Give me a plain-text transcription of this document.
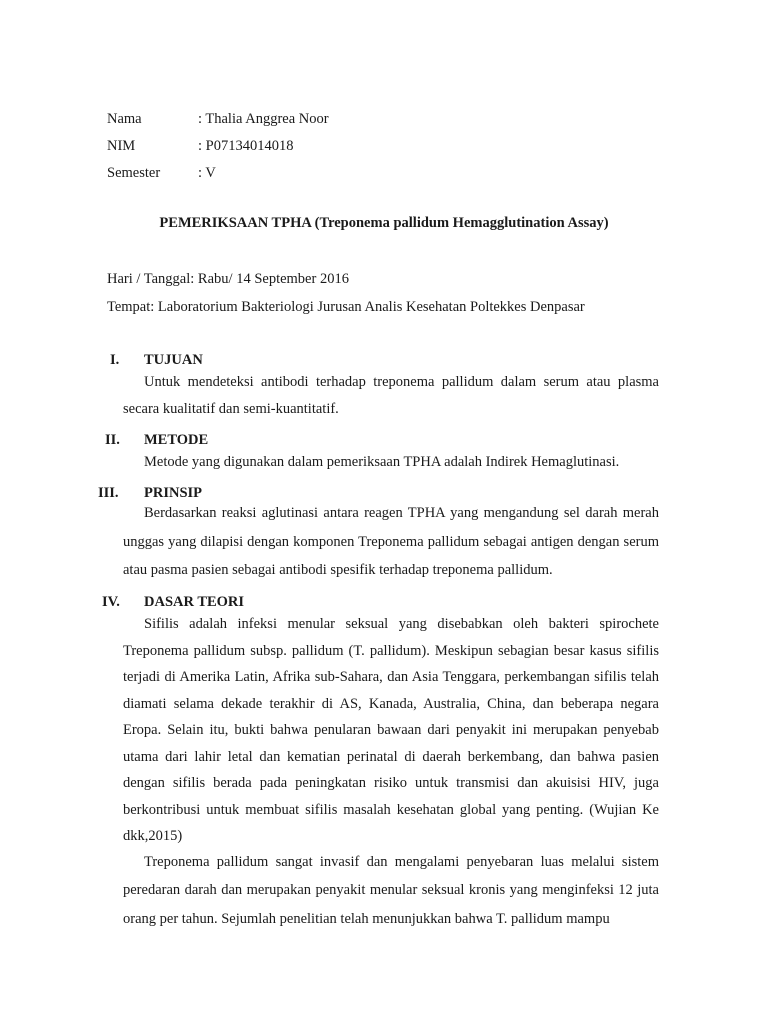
Nama	: Thalia Anggrea Noor
NIM	: P07134014018
Semester	: V
PEMERIKSAAN TPHA (Treponema pallidum Hemagglutination Assay)
Hari / Tanggal: Rabu/ 14 September 2016
Tempat: Laboratorium Bakteriologi Jurusan Analis Kesehatan Poltekkes Denpasar
I. TUJUAN

Untuk mendeteksi antibodi terhadap treponema pallidum dalam serum atau plasma secara kualitatif dan semi-kuantitatif.

II. METODE

Metode yang digunakan dalam pemeriksaan TPHA adalah Indirek Hemaglutinasi.

III. PRINSIP

Berdasarkan reaksi aglutinasi antara reagen TPHA yang mengandung sel darah merah unggas yang dilapisi dengan komponen Treponema pallidum sebagai antigen dengan serum atau pasma pasien sebagai antibodi spesifik terhadap treponema pallidum.

IV. DASAR TEORI

Sifilis adalah infeksi menular seksual yang disebabkan oleh bakteri spirochete Treponema pallidum subsp. pallidum (T. pallidum). Meskipun sebagian besar kasus sifilis terjadi di Amerika Latin, Afrika sub-Sahara, dan Asia Tenggara, perkembangan sifilis telah diamati selama dekade terakhir di AS, Kanada, Australia, China, dan beberapa negara Eropa. Selain itu, bukti bahwa penularan bawaan dari penyakit ini merupakan penyebab utama dari lahir letal dan kematian perinatal di daerah berkembang, dan bahwa pasien dengan sifilis berada pada peningkatan risiko untuk transmisi dan akuisisi HIV, juga berkontribusi untuk membuat sifilis masalah kesehatan global yang penting. (Wujian Ke dkk,2015)

Treponema pallidum sangat invasif dan mengalami penyebaran luas melalui sistem peredaran darah dan merupakan penyakit menular seksual kronis yang menginfeksi 12 juta orang per tahun. Sejumlah penelitian telah menunjukkan bahwa T. pallidum mampu
